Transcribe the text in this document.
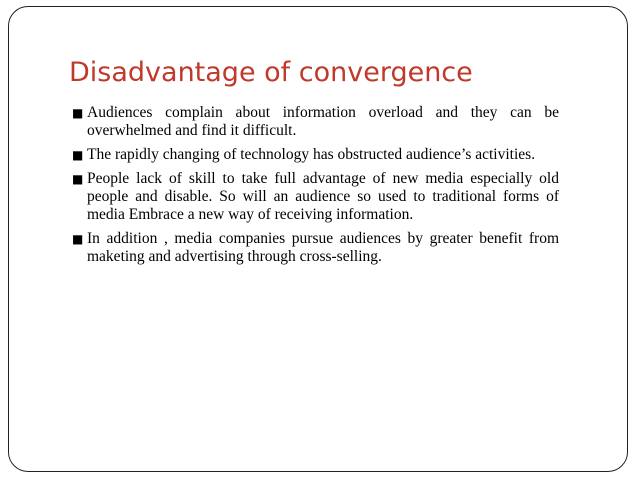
Disadvantage of convergence
■ Audiences complain about information overload and they can be overwhelmed and find it difficult.
■ The rapidly changing of technology has obstructed audience’s activities.
■ People lack of skill to take full advantage of new media especially old people and disable. So will an audience so used to traditional forms of media Embrace a new way of receiving information.
■ In addition , media companies pursue audiences by greater benefit from maketing and advertising through cross-selling.
